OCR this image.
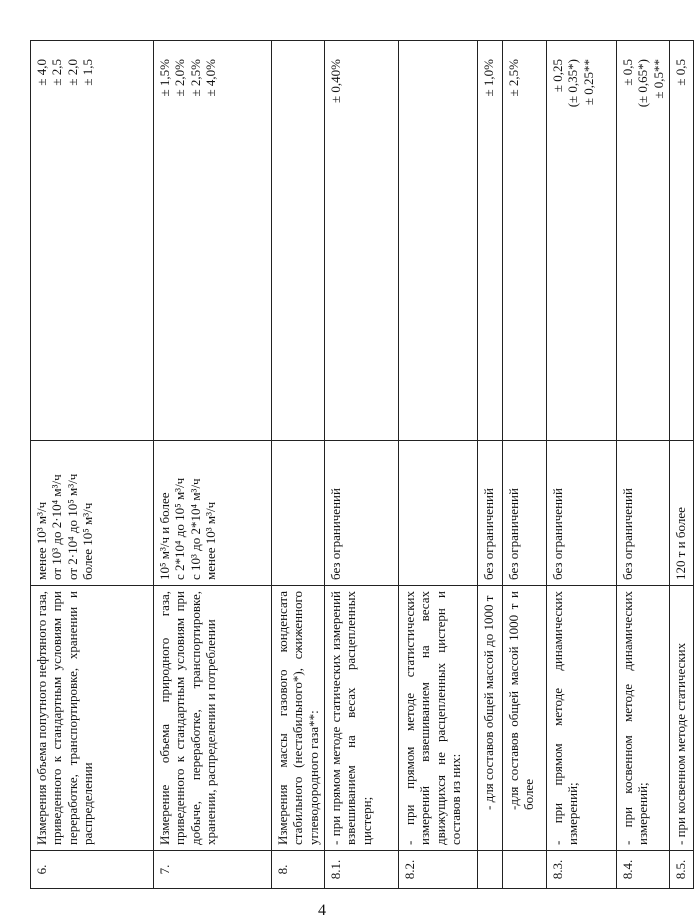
4
6.	Измерения объема попутного нефтяного газа, приведенного к стандартным условиям при переработке, транспортировке, хранении и распределении	менее 10³ м³/ч от 10³ до 2·10⁴ м³/ч от 2·10⁴ до 10⁵ м³/ч более 10⁵ м³/ч	± 4,0 ± 2,5 ± 2,0 ± 1,5

7.	Измерение объема природного газа, приведенного к стандартным условиям при добыче, переработке, транспортировке, хранении, распределении и потреблении	10⁵ м³/ч и более с 2*10⁴ до 10⁵ м³/ч с 10³ до 2*10⁴ м³/ч менее 10³ м³/ч	± 1,5% ± 2,0% ± 2,5% ± 4,0%

8.	Измерения массы газового конденсата стабильного (нестабильного*), сжиженного углеводородного газа**:		
8.1.	- при прямом методе статических измерений взвешиванием на весах расцепленных цистерн;	без ограничений	± 0,40%

8.2.	- при прямом методе статистических измерений взвешиванием на весах движущихся не расцепленных цистерн и составов из них:		
	- для составов общей массой до 1000 т	без ограничений	± 1,0%

	-для составов общей массой 1000 т и более	без ограничений	± 2,5%

8.3.	- при прямом методе динамических измерений;	без ограничений	± 0,25 (± 0,35*) ± 0,25**

8.4.	- при косвенном методе динамических измерений;	без ограничений	± 0,5 (± 0,65*) ± 0,5**

8.5.	- при косвенном методе статических	120 т и более	± 0,5
